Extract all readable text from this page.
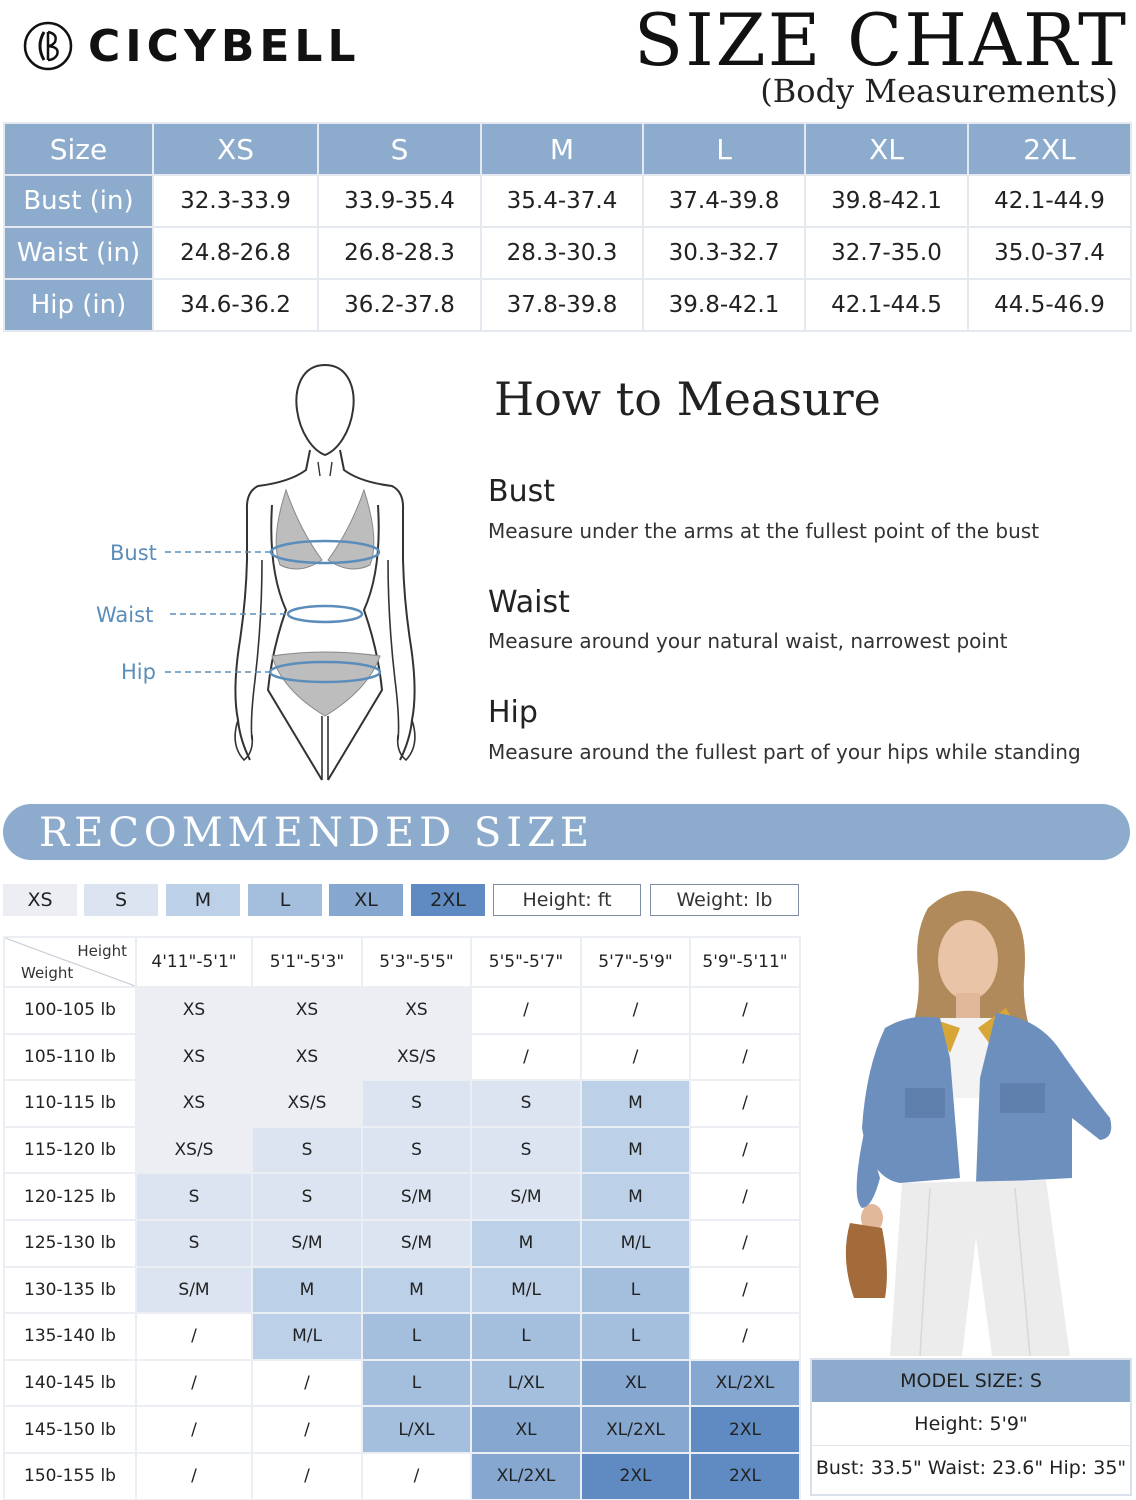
CICYBELL	SIZE CHART
(Body Measurements)
Size	XS	S	M	L	XL	2XL
Bust (in)	32.3-33.9	33.9-35.4	35.4-37.4	37.4-39.8	39.8-42.1	42.1-44.9
Waist (in)	24.8-26.8	26.8-28.3	28.3-30.3	30.3-32.7	32.7-35.0	35.0-37.4
Hip (in)	34.6-36.2	36.2-37.8	37.8-39.8	39.8-42.1	42.1-44.5	44.5-46.9
Bust
Waist
Hip
How to Measure
Bust
Measure under the arms at the fullest point of the bust
Waist
Measure around your natural waist, narrowest point
Hip
Measure around the fullest part of your hips while standing
RECOMMENDED SIZE
XS	S	M	L	XL	2XL	Height: ft	Weight: lb
Height
Weight	4'11"-5'1"	5'1"-5'3"	5'3"-5'5"	5'5"-5'7"	5'7"-5'9"	5'9"-5'11"
100-105 lb	XS	XS	XS	/	/	/
105-110 lb	XS	XS	XS/S	/	/	/
110-115 lb	XS	XS/S	S	S	M	/
115-120 lb	XS/S	S	S	S	M	/
120-125 lb	S	S	S/M	S/M	M	/
125-130 lb	S	S/M	S/M	M	M/L	/
130-135 lb	S/M	M	M	M/L	L	/
135-140 lb	/	M/L	L	L	L	/
140-145 lb	/	/	L	L/XL	XL	XL/2XL
145-150 lb	/	/	L/XL	XL	XL/2XL	2XL
150-155 lb	/	/	/	XL/2XL	2XL	2XL
MODEL SIZE: S
Height: 5'9"
Bust: 33.5" Waist: 23.6" Hip: 35"
